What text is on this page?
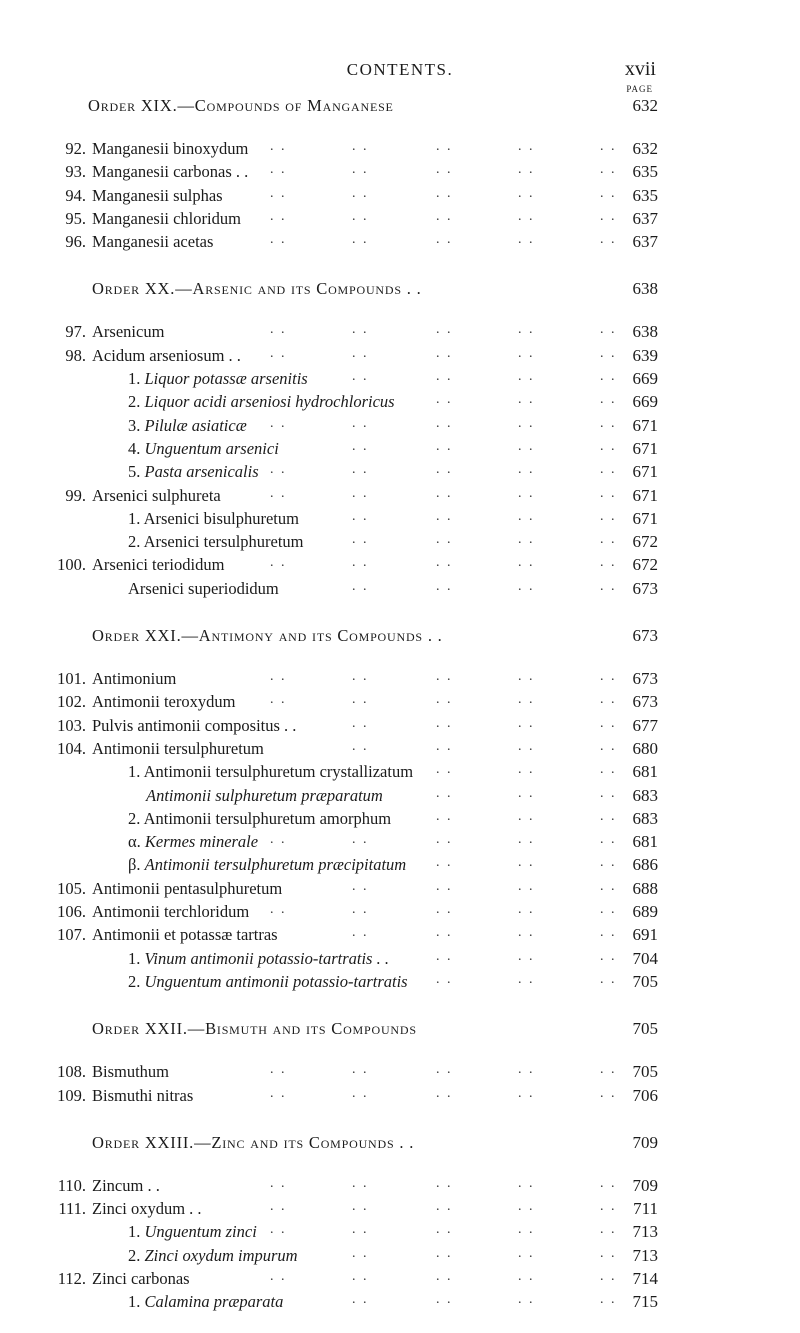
CONTENTS.	xvii
PAGE
Order XIX.—Compounds of Manganese	632
92. Manganesii binoxydum	632
. .	. .	. .	. .	. .
93. Manganesii carbonas . .	635
. .	. .	. .	. .	. .
94. Manganesii sulphas	635
. .	. .	. .	. .	. .
95. Manganesii chloridum	637
. .	. .	. .	. .	. .
96. Manganesii acetas	637
. .	. .	. .	. .	. .
Order XX.—Arsenic and its Compounds . .	638
97. Arsenicum	638
. .	. .	. .	. .	. .
98. Acidum arseniosum . .	639
. .	. .	. .	. .	. .
1. Liquor potassæ arsenitis	669
. .	. .	. .	. .
2. Liquor acidi arseniosi hydrochloricus	669
. .	. .	. .
3. Pilulæ asiaticæ	671
. .	. .	. .	. .	. .
4. Unguentum arsenici	671
. .	. .	. .	. .
5. Pasta arsenicalis	671
. .	. .	. .	. .	. .
99. Arsenici sulphureta	671
. .	. .	. .	. .	. .
1. Arsenici bisulphuretum	671
. .	. .	. .	. .
2. Arsenici tersulphuretum	672
. .	. .	. .	. .
100. Arsenici teriodidum	672
. .	. .	. .	. .	. .
Arsenici superiodidum	673
. .	. .	. .	. .
Order XXI.—Antimony and its Compounds . .	673
101. Antimonium	673
. .	. .	. .	. .	. .
102. Antimonii teroxydum	673
. .	. .	. .	. .	. .
103. Pulvis antimonii compositus . .	677
. .	. .	. .	. .
104. Antimonii tersulphuretum	680
. .	. .	. .	. .
1. Antimonii tersulphuretum crystallizatum	681
. .	. .	. .
Antimonii sulphuretum præparatum	683
. .	. .	. .
2. Antimonii tersulphuretum amorphum	683
. .	. .	. .
α. Kermes minerale	681
. .	. .	. .	. .	. .
β. Antimonii tersulphuretum præcipitatum	686
. .	. .	. .
105. Antimonii pentasulphuretum	688
. .	. .	. .	. .
106. Antimonii terchloridum	689
. .	. .	. .	. .	. .
107. Antimonii et potassæ tartras	691
. .	. .	. .	. .
1. Vinum antimonii potassio-tartratis . .	704
. .	. .	. .
2. Unguentum antimonii potassio-tartratis	705
. .	. .	. .
Order XXII.—Bismuth and its Compounds	705
108. Bismuthum	705
. .	. .	. .	. .	. .
109. Bismuthi nitras	706
. .	. .	. .	. .	. .
Order XXIII.—Zinc and its Compounds . .	709
110. Zincum . .	709
. .	. .	. .	. .	. .
111. Zinci oxydum . .	711
. .	. .	. .	. .	. .
1. Unguentum zinci	713
. .	. .	. .	. .	. .
2. Zinci oxydum impurum	713
. .	. .	. .	. .
112. Zinci carbonas	714
. .	. .	. .	. .	. .
1. Calamina præparata	715
. .	. .	. .	. .
